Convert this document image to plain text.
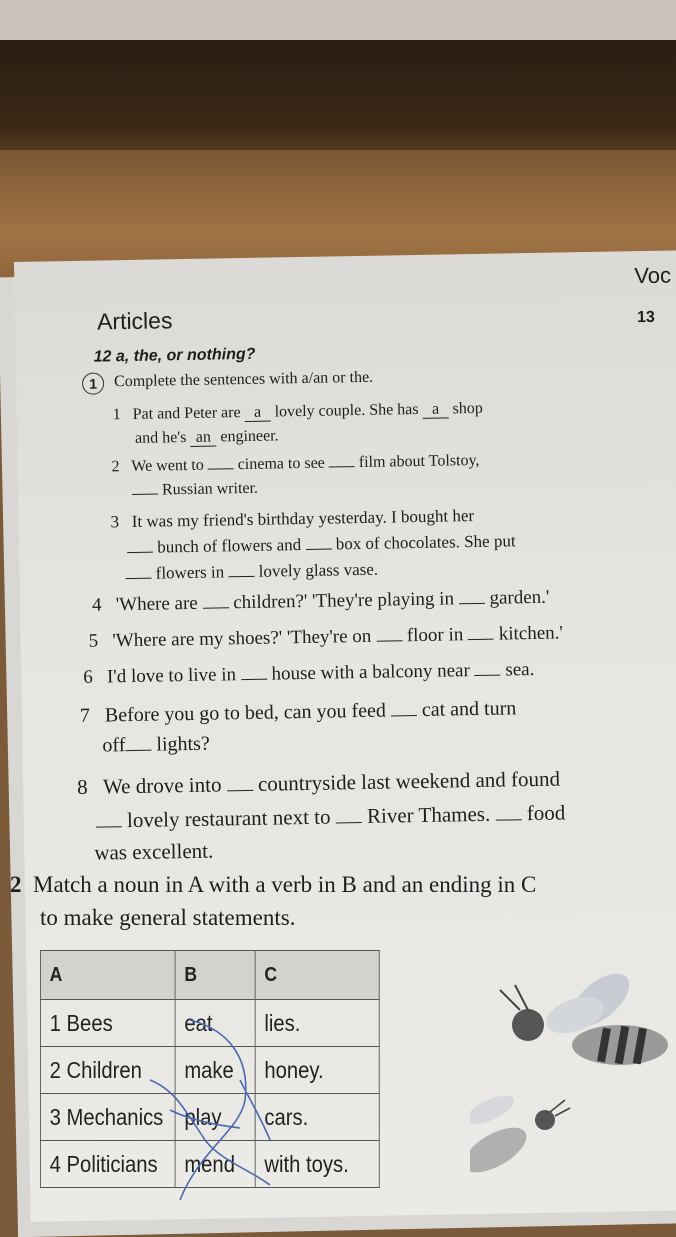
Articles
Voc
13
12 a, the, or nothing?
1	Complete the sentences with a/an or the.
1 Pat and Peter are a lovely couple. She has a shop
and he's an engineer.
2 We went to cinema to see film about Tolstoy,
Russian writer.
3 It was my friend's birthday yesterday. I bought her
bunch of flowers and box of chocolates. She put
flowers in lovely glass vase.
4 'Where are children?' 'They're playing in garden.'
5 'Where are my shoes?' 'They're on floor in kitchen.'
6 I'd love to live in house with a balcony near sea.
7 Before you go to bed, can you feed cat and turn
off lights?
8 We drove into countryside last weekend and found
lovely restaurant next to River Thames. food
was excellent.
2 Match a noun in A with a verb in B and an ending in C
to make general statements.
A	B	C
1 Bees	eat	lies.
2 Children	make	honey.
3 Mechanics	play	cars.
4 Politicians	mend	with toys.
